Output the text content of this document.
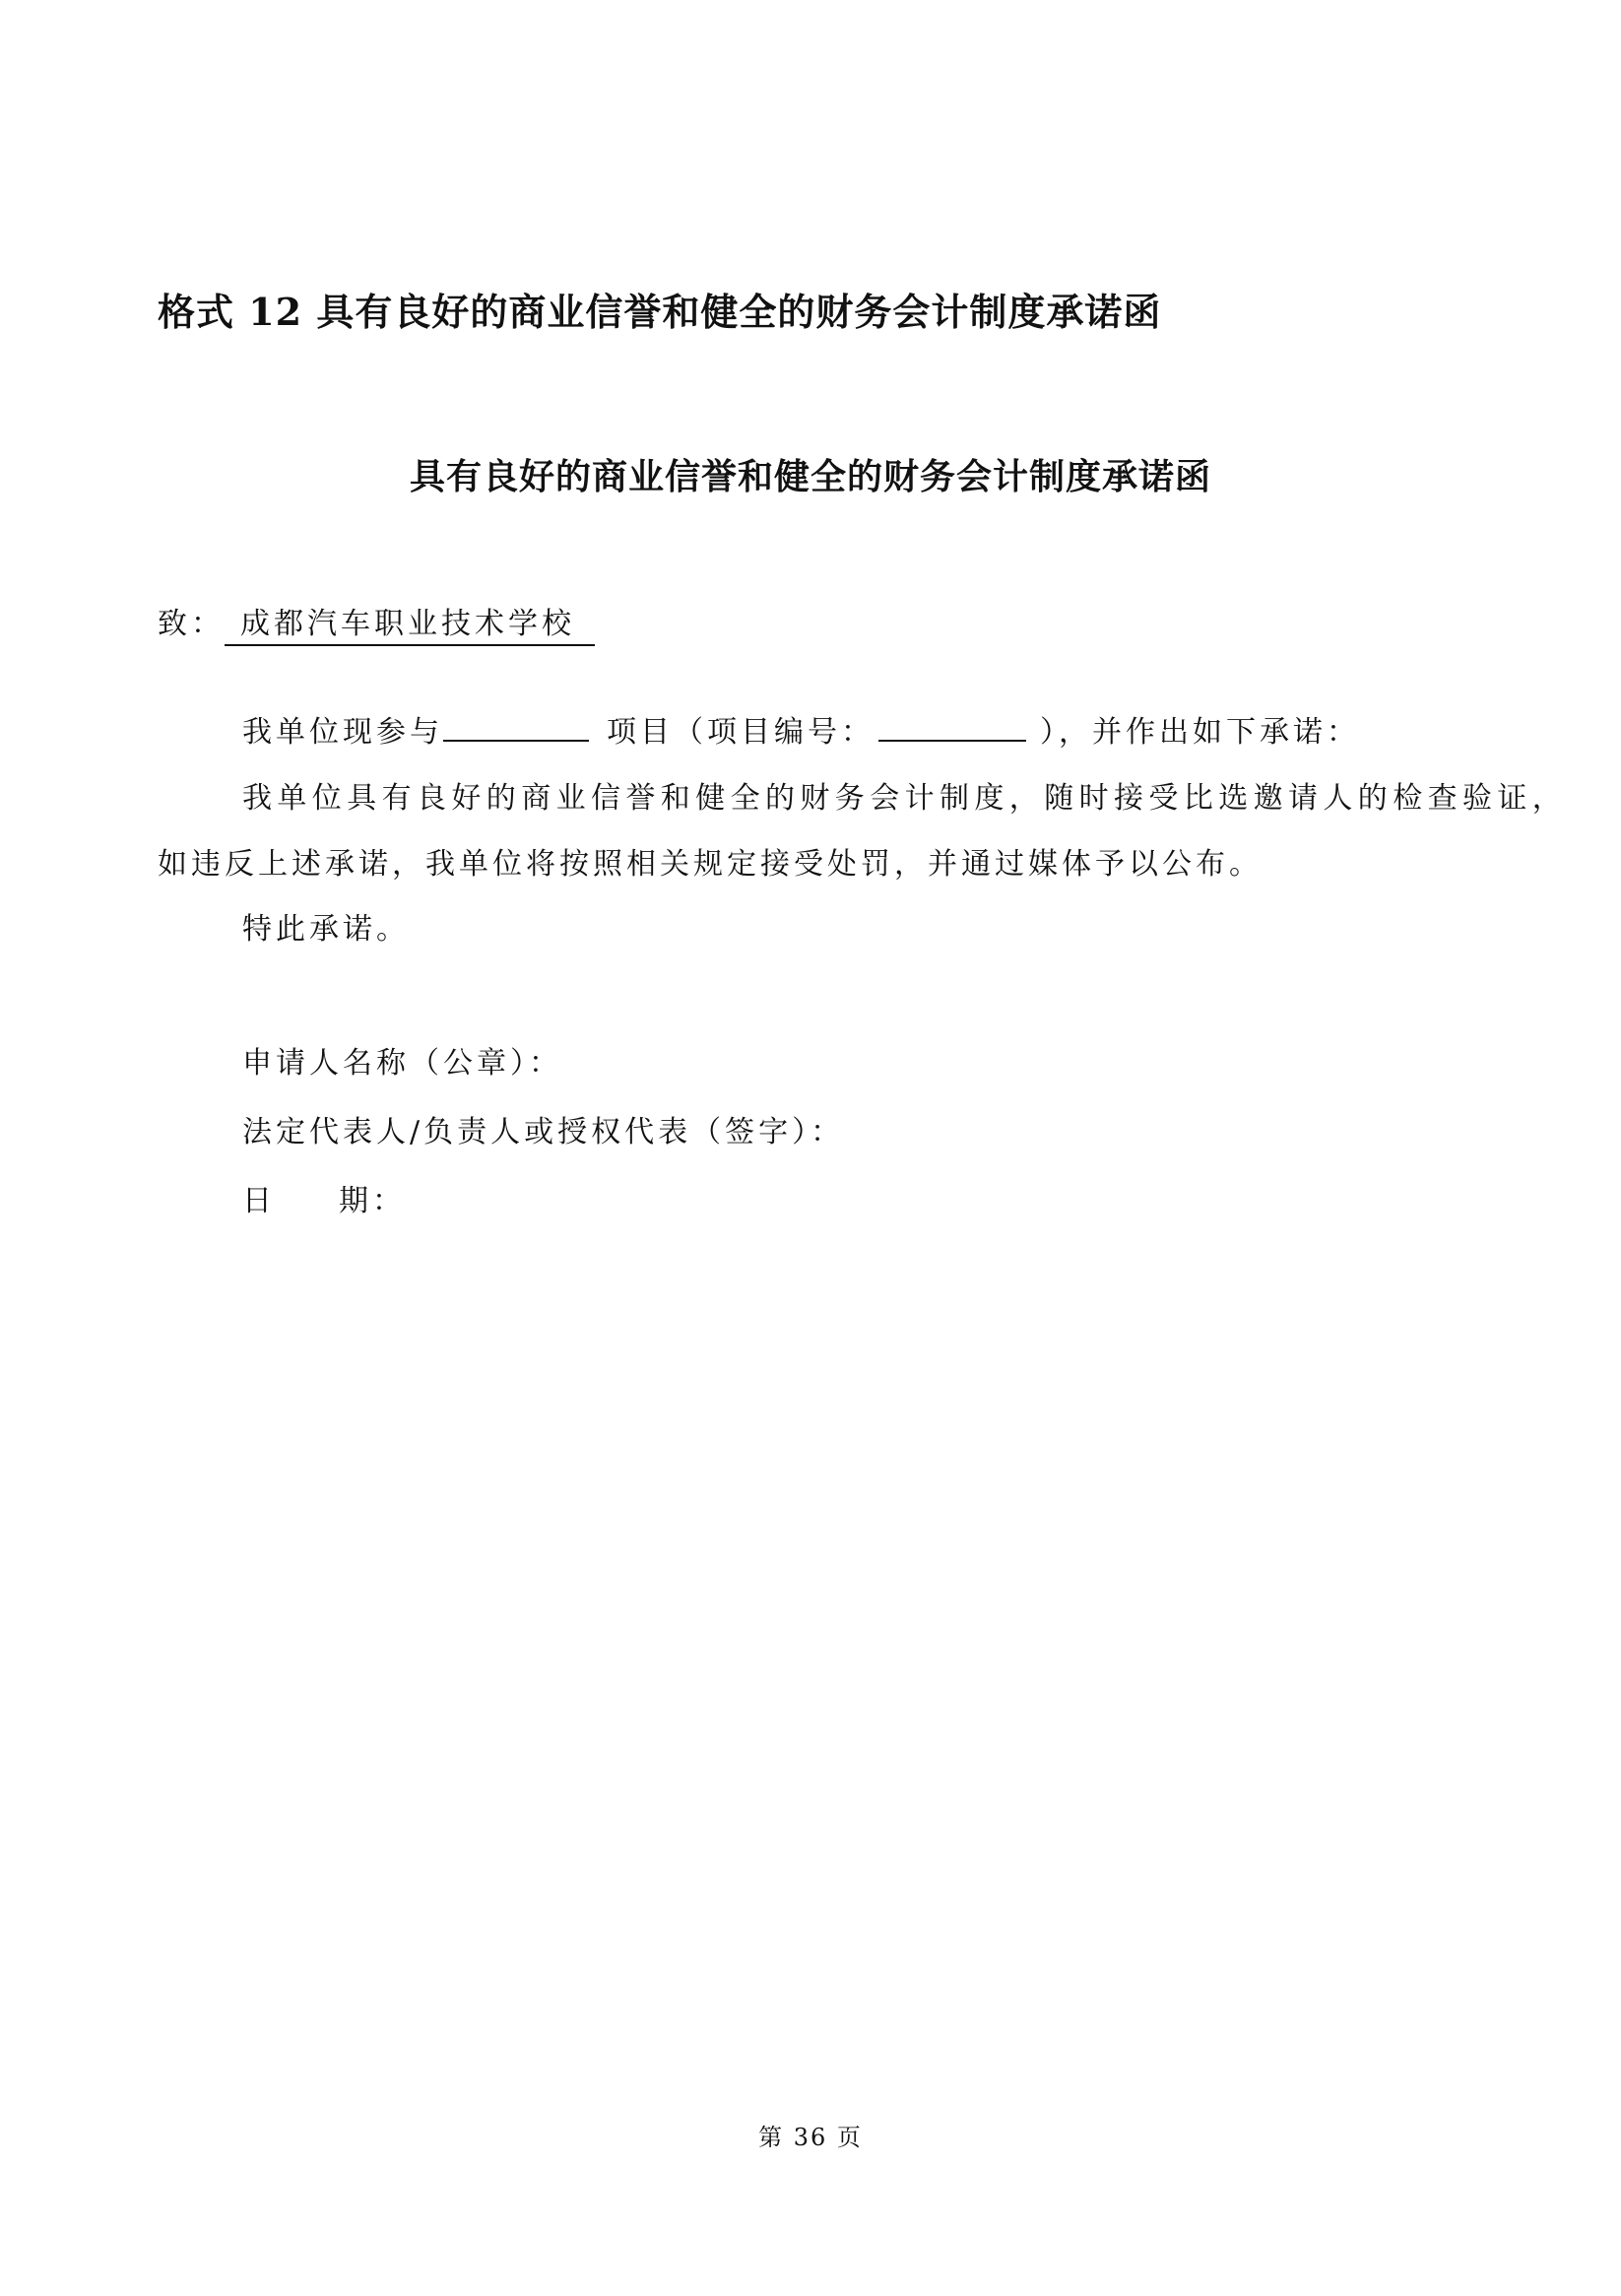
格式 12 具有良好的商业信誉和健全的财务会计制度承诺函
具有良好的商业信誉和健全的财务会计制度承诺函
致： 成都汽车职业技术学校
我单位现参与	项目（项目编号：	），并作出如下承诺：
我单位具有良好的商业信誉和健全的财务会计制度，随时接受比选邀请人的检查验证，
如违反上述承诺，我单位将按照相关规定接受处罚，并通过媒体予以公布。
特此承诺。
申请人名称（公章）：
法定代表人/负责人或授权代表（签字）：
日 期：
第 36 页
